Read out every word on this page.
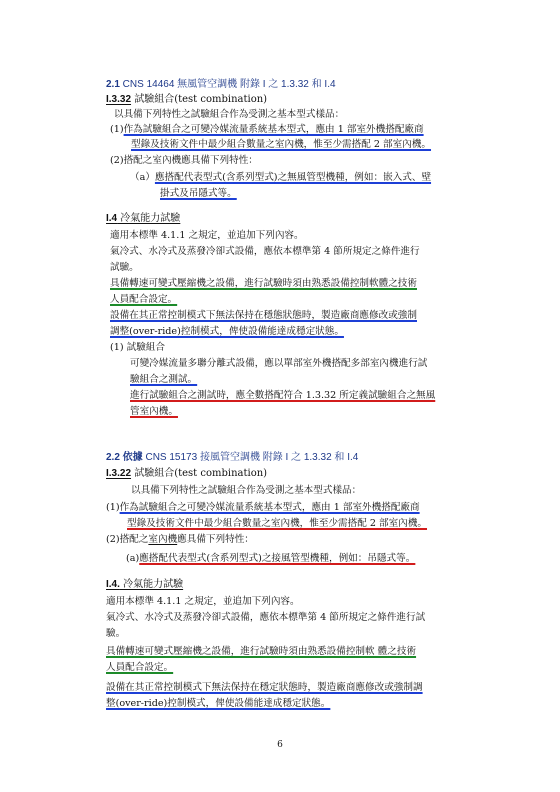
2.1 CNS 14464 無風管空調機 附錄 I 之 1.3.32 和 I.4
I.3.32 試驗組合(test combination)
以具備下列特性之試驗組合作為受測之基本型式樣品：
(1)作為試驗組合之可變冷媒流量系統基本型式，應由 1 部室外機搭配廠商
型錄及技術文件中最少組合數量之室內機，惟至少需搭配 2 部室內機。
(2)搭配之室內機應具備下列特性：
（a）應搭配代表型式(含系列型式)之無風管型機種，例如：嵌入式、壁
掛式及吊隱式等。
I.4 冷氣能力試驗
適用本標準 4.1.1 之規定，並追加下列內容。
氣冷式、水冷式及蒸發冷卻式設備，應依本標準第 4 節所規定之條件進行
試驗。
具備轉速可變式壓縮機之設備，進行試驗時須由熟悉設備控制軟體之技術
人員配合設定。
設備在其正常控制模式下無法保持在穩態狀態時，製造廠商應修改或強制
調整(over-ride)控制模式，俾使設備能達成穩定狀態。
(1) 試驗組合
可變冷媒流量多聯分離式設備，應以單部室外機搭配多部室內機進行試
驗組合之測試。
進行試驗組合之測試時，應全數搭配符合 1.3.32 所定義試驗組合之無風
管室內機。
2.2 依據 CNS 15173 接風管空調機 附錄 I 之 1.3.32 和 I.4
I.3.22 試驗組合(test combination)
以具備下列特性之試驗組合作為受測之基本型式樣品：
(1)作為試驗組合之可變冷媒流量系統基本型式，應由 1 部室外機搭配廠商
型錄及技術文件中最少組合數量之室內機，惟至少需搭配 2 部室內機。
(2)搭配之室內機應具備下列特性：
(a)應搭配代表型式(含系列型式)之接風管型機種，例如：吊隱式等。
I.4. 冷氣能力試驗
適用本標準 4.1.1 之規定，並追加下列內容。
氣冷式、水冷式及蒸發冷卻式設備，應依本標準第 4 節所規定之條件進行試
驗。
具備轉速可變式壓縮機之設備，進行試驗時須由熟悉設備控制軟 體之技術
人員配合設定。
設備在其正常控制模式下無法保持在穩定狀態時，製造廠商應修改或強制調
整(over-ride)控制模式，俾使設備能達成穩定狀態。
6
